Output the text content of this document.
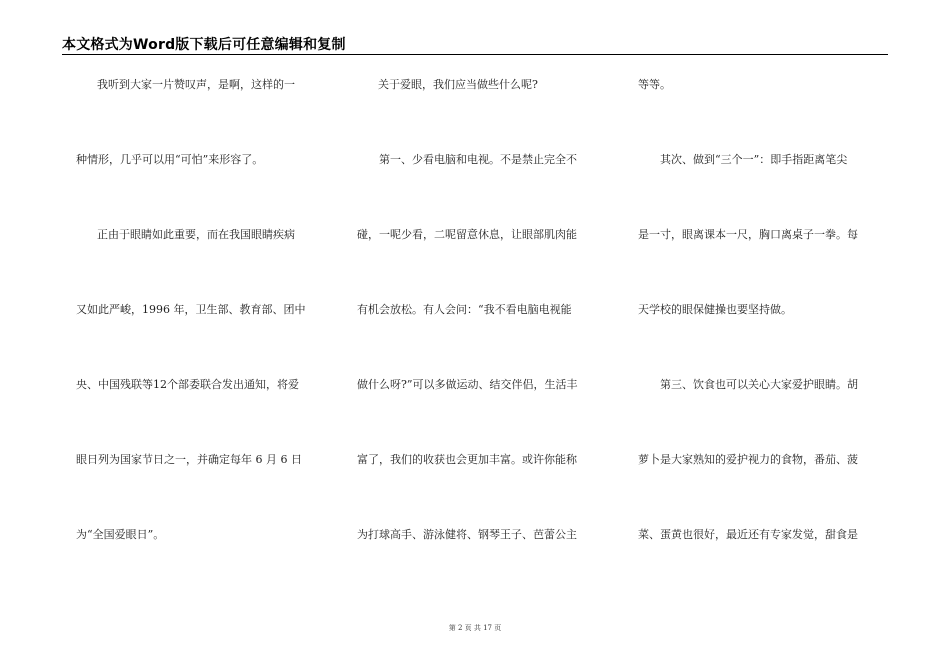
本文格式为Word版下载后可任意编辑和复制
我听到大家一片赞叹声，是啊，这样的一
种情形，几乎可以用“可怕”来形容了。
正由于眼睛如此重要，而在我国眼睛疾病
又如此严峻，1996 年，卫生部、教育部、团中
央、中国残联等12个部委联合发出通知，将爱
眼日列为国家节日之一，并确定每年 6 月 6 日
为“全国爱眼日”。
关于爱眼，我们应当做些什么呢?
第一、少看电脑和电视。不是禁止完全不
碰，一呢少看，二呢留意休息，让眼部肌肉能
有机会放松。有人会问：“我不看电脑电视能
做什么呀?”可以多做运动、结交伴侣，生活丰
富了，我们的收获也会更加丰富。或许你能称
为打球高手、游泳健将、钢琴王子、芭蕾公主
等等。
其次、做到“三个一”：即手指距离笔尖
是一寸，眼离课本一尺，胸口离桌子一拳。每
天学校的眼保健操也要坚持做。
第三、饮食也可以关心大家爱护眼睛。胡
萝卜是大家熟知的爱护视力的食物，番茄、菠
菜、蛋黄也很好，最近还有专家发觉，甜食是
第 2 页 共 17 页
